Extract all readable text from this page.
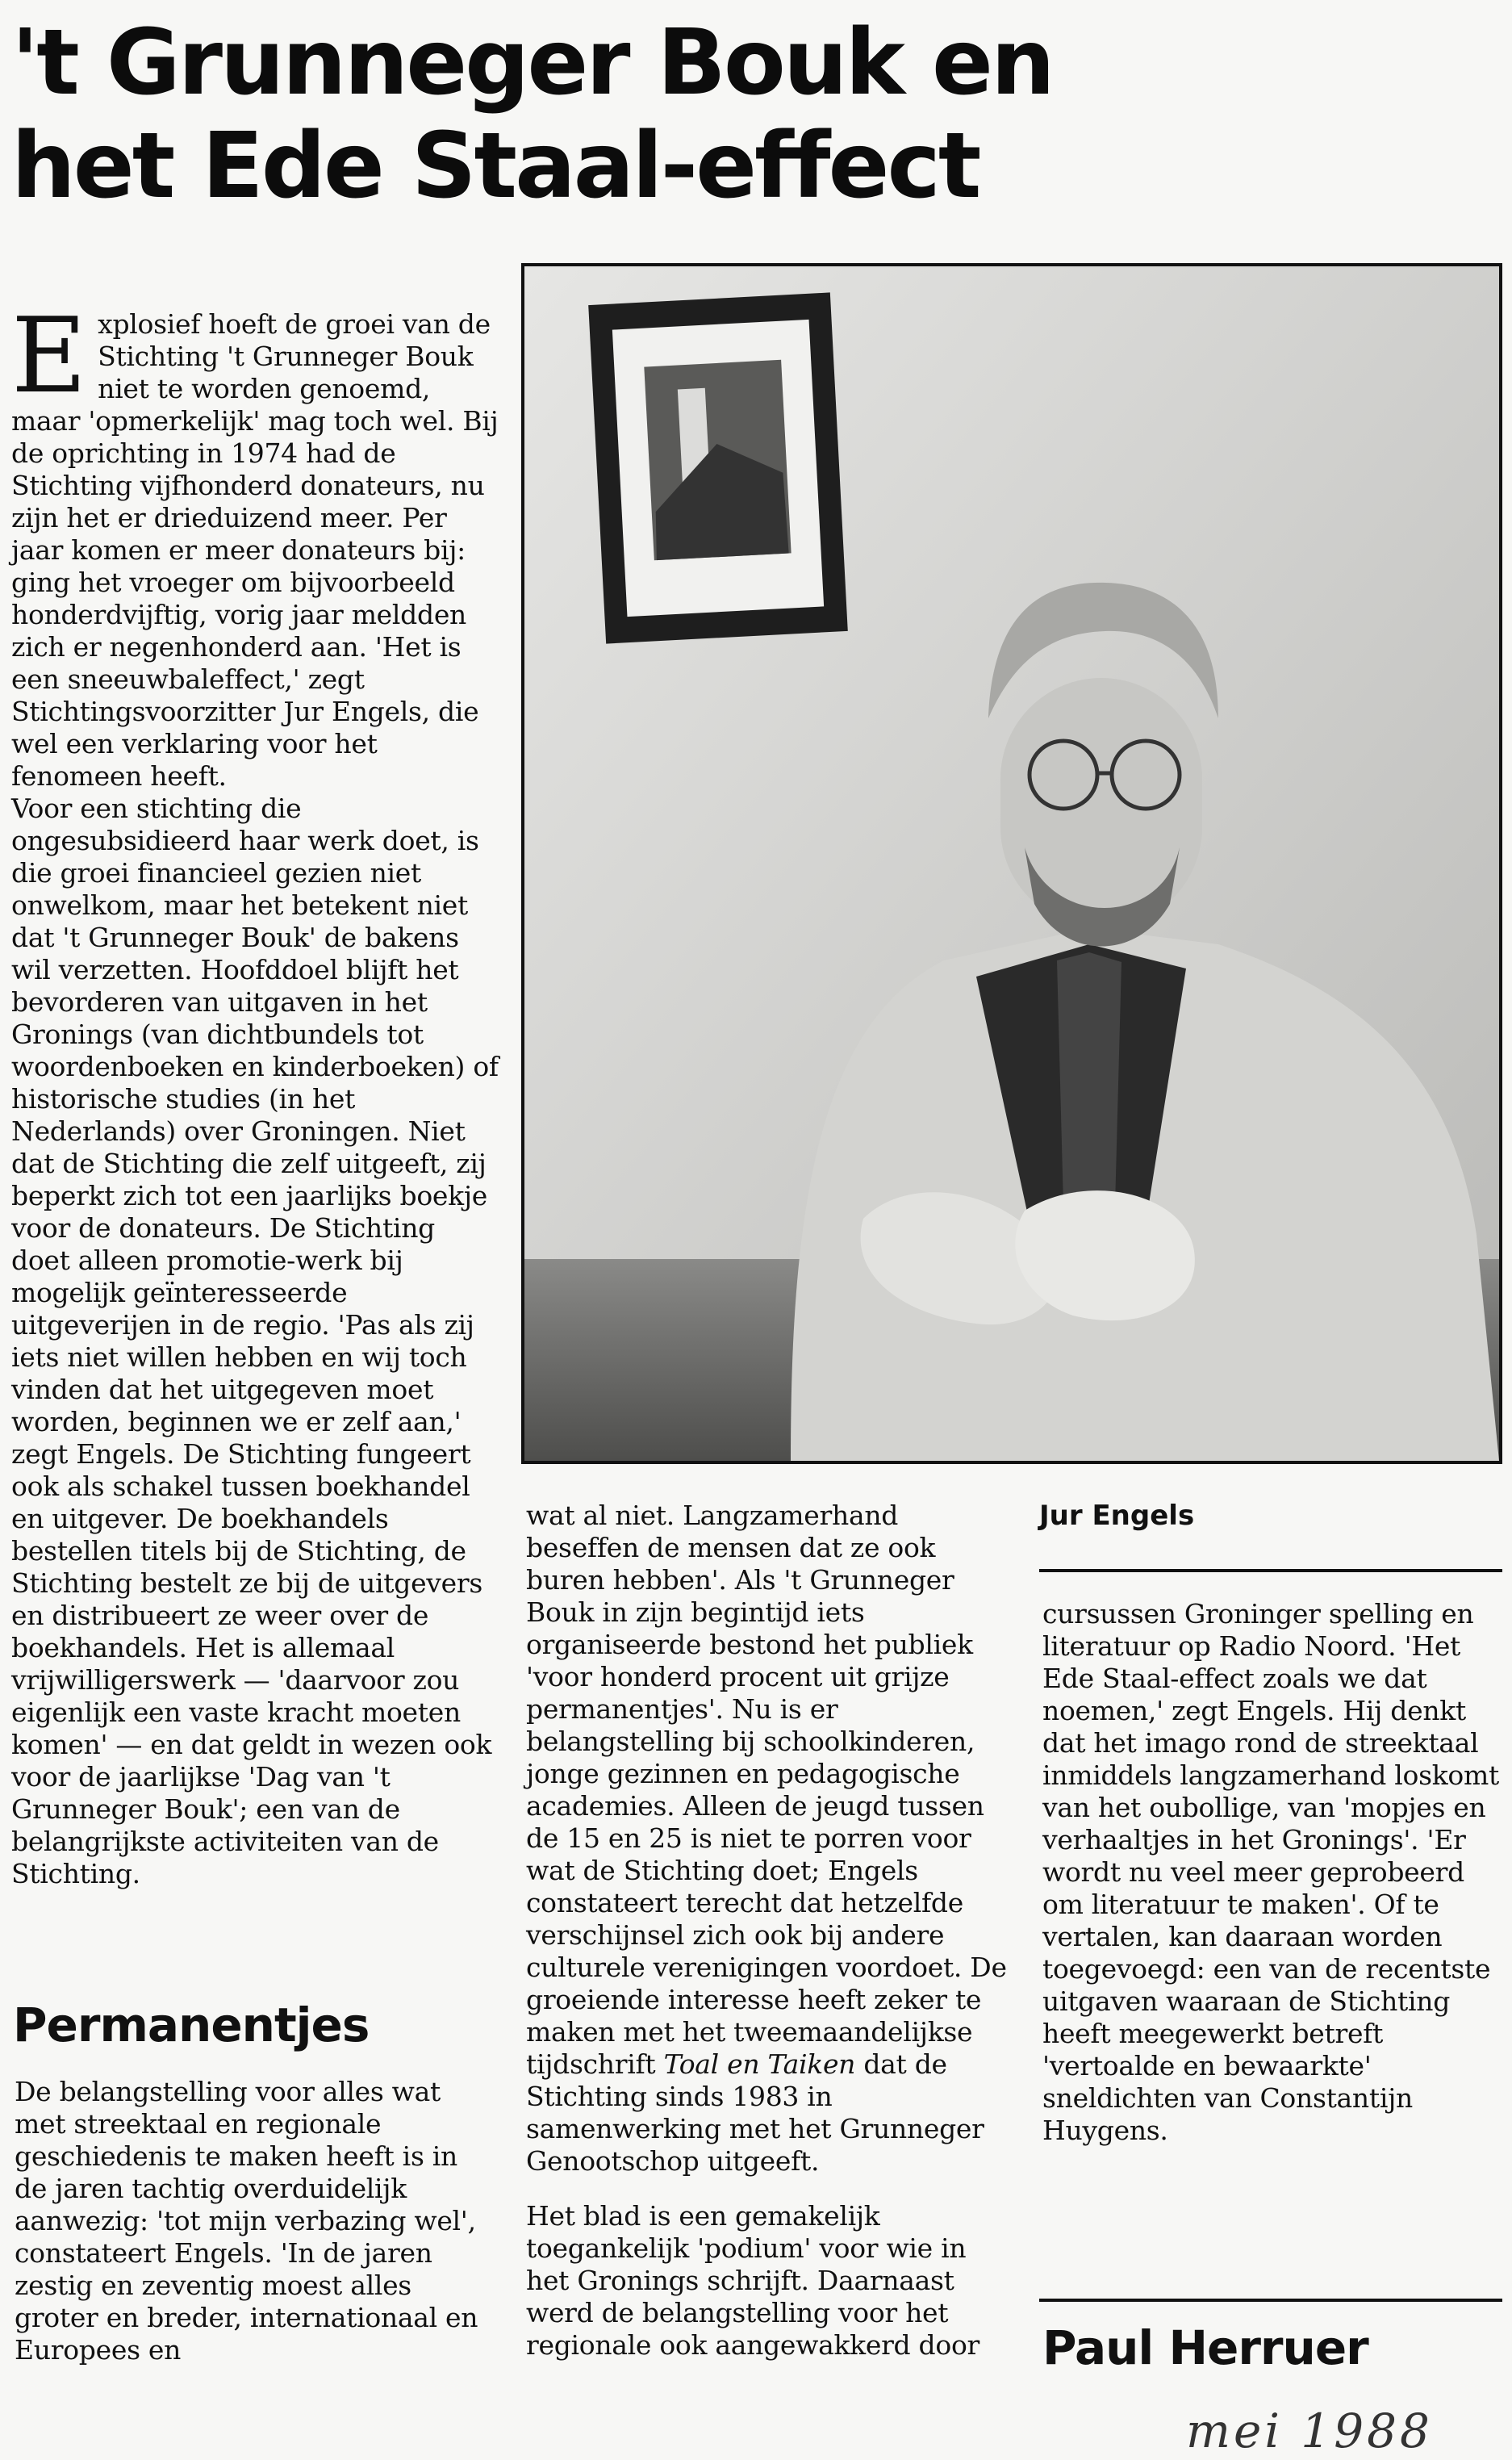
't Grunneger Bouk en het Ede Staal-effect

E xplosief hoeft de groei van de Stichting 't Grunneger Bouk niet te worden genoemd, maar 'opmerkelijk' mag toch wel. Bij de oprichting in 1974 had de Stichting vijfhonderd donateurs, nu zijn het er drieduizend meer. Per jaar komen er meer donateurs bij: ging het vroeger om bijvoorbeeld honderdvijftig, vorig jaar meldden zich er negenhonderd aan. 'Het is een sneeuwbaleffect,' zegt Stichtingsvoorzitter Jur Engels, die wel een verklaring voor het fenomeen heeft.

Voor een stichting die ongesubsidieerd haar werk doet, is die groei financieel gezien niet onwelkom, maar het betekent niet dat 't Grunneger Bouk' de bakens wil verzetten. Hoofddoel blijft het bevorderen van uitgaven in het Gronings (van dichtbundels tot woordenboeken en kinderboeken) of historische studies (in het Nederlands) over Groningen. Niet dat de Stichting die zelf uitgeeft, zij beperkt zich tot een jaarlijks boekje voor de donateurs. De Stichting doet alleen promotie-werk bij mogelijk geïnteresseerde uitgeverijen in de regio. 'Pas als zij iets niet willen hebben en wij toch vinden dat het uitgegeven moet worden, beginnen we er zelf aan,' zegt Engels. De Stichting fungeert ook als schakel tussen boekhandel en uitgever. De boekhandels bestellen titels bij de Stichting, de Stichting bestelt ze bij de uitgevers en distribueert ze weer over de boekhandels. Het is allemaal vrijwilligerswerk — 'daarvoor zou eigenlijk een vaste kracht moeten komen' — en dat geldt in wezen ook voor de jaarlijkse 'Dag van 't Grunneger Bouk'; een van de belangrijkste activiteiten van de Stichting.

Permanentjes

De belangstelling voor alles wat met streektaal en regionale geschiedenis te maken heeft is in de jaren tachtig overduidelijk aanwezig: 'tot mijn verbazing wel', constateert Engels. 'In de jaren zestig en zeventig moest alles groter en breder, internationaal en Europees en

wat al niet. Langzamerhand beseffen de mensen dat ze ook buren hebben'. Als 't Grunneger Bouk in zijn begintijd iets organiseerde bestond het publiek 'voor honderd procent uit grijze permanentjes'. Nu is er belangstelling bij schoolkinderen, jonge gezinnen en pedagogische academies. Alleen de jeugd tussen de 15 en 25 is niet te porren voor wat de Stichting doet; Engels constateert terecht dat hetzelfde verschijnsel zich ook bij andere culturele verenigingen voordoet. De groeiende interesse heeft zeker te maken met het tweemaandelijkse tijdschrift Toal en Taiken dat de Stichting sinds 1983 in samenwerking met het Grunneger Genootschop uitgeeft.

Het blad is een gemakelijk toegankelijk 'podium' voor wie in het Gronings schrijft. Daarnaast werd de belangstelling voor het regionale ook aangewakkerd door

Jur Engels

cursussen Groninger spelling en literatuur op Radio Noord. 'Het Ede Staal-effect zoals we dat noemen,' zegt Engels. Hij denkt dat het imago rond de streektaal inmiddels langzamerhand loskomt van het oubollige, van 'mopjes en verhaaltjes in het Gronings'. 'Er wordt nu veel meer geprobeerd om literatuur te maken'. Of te vertalen, kan daaraan worden toegevoegd: een van de recentste uitgaven waaraan de Stichting heeft meegewerkt betreft 'vertoalde en bewaarkte' sneldichten van Constantijn Huygens.

Paul Herruer
mei 1988
